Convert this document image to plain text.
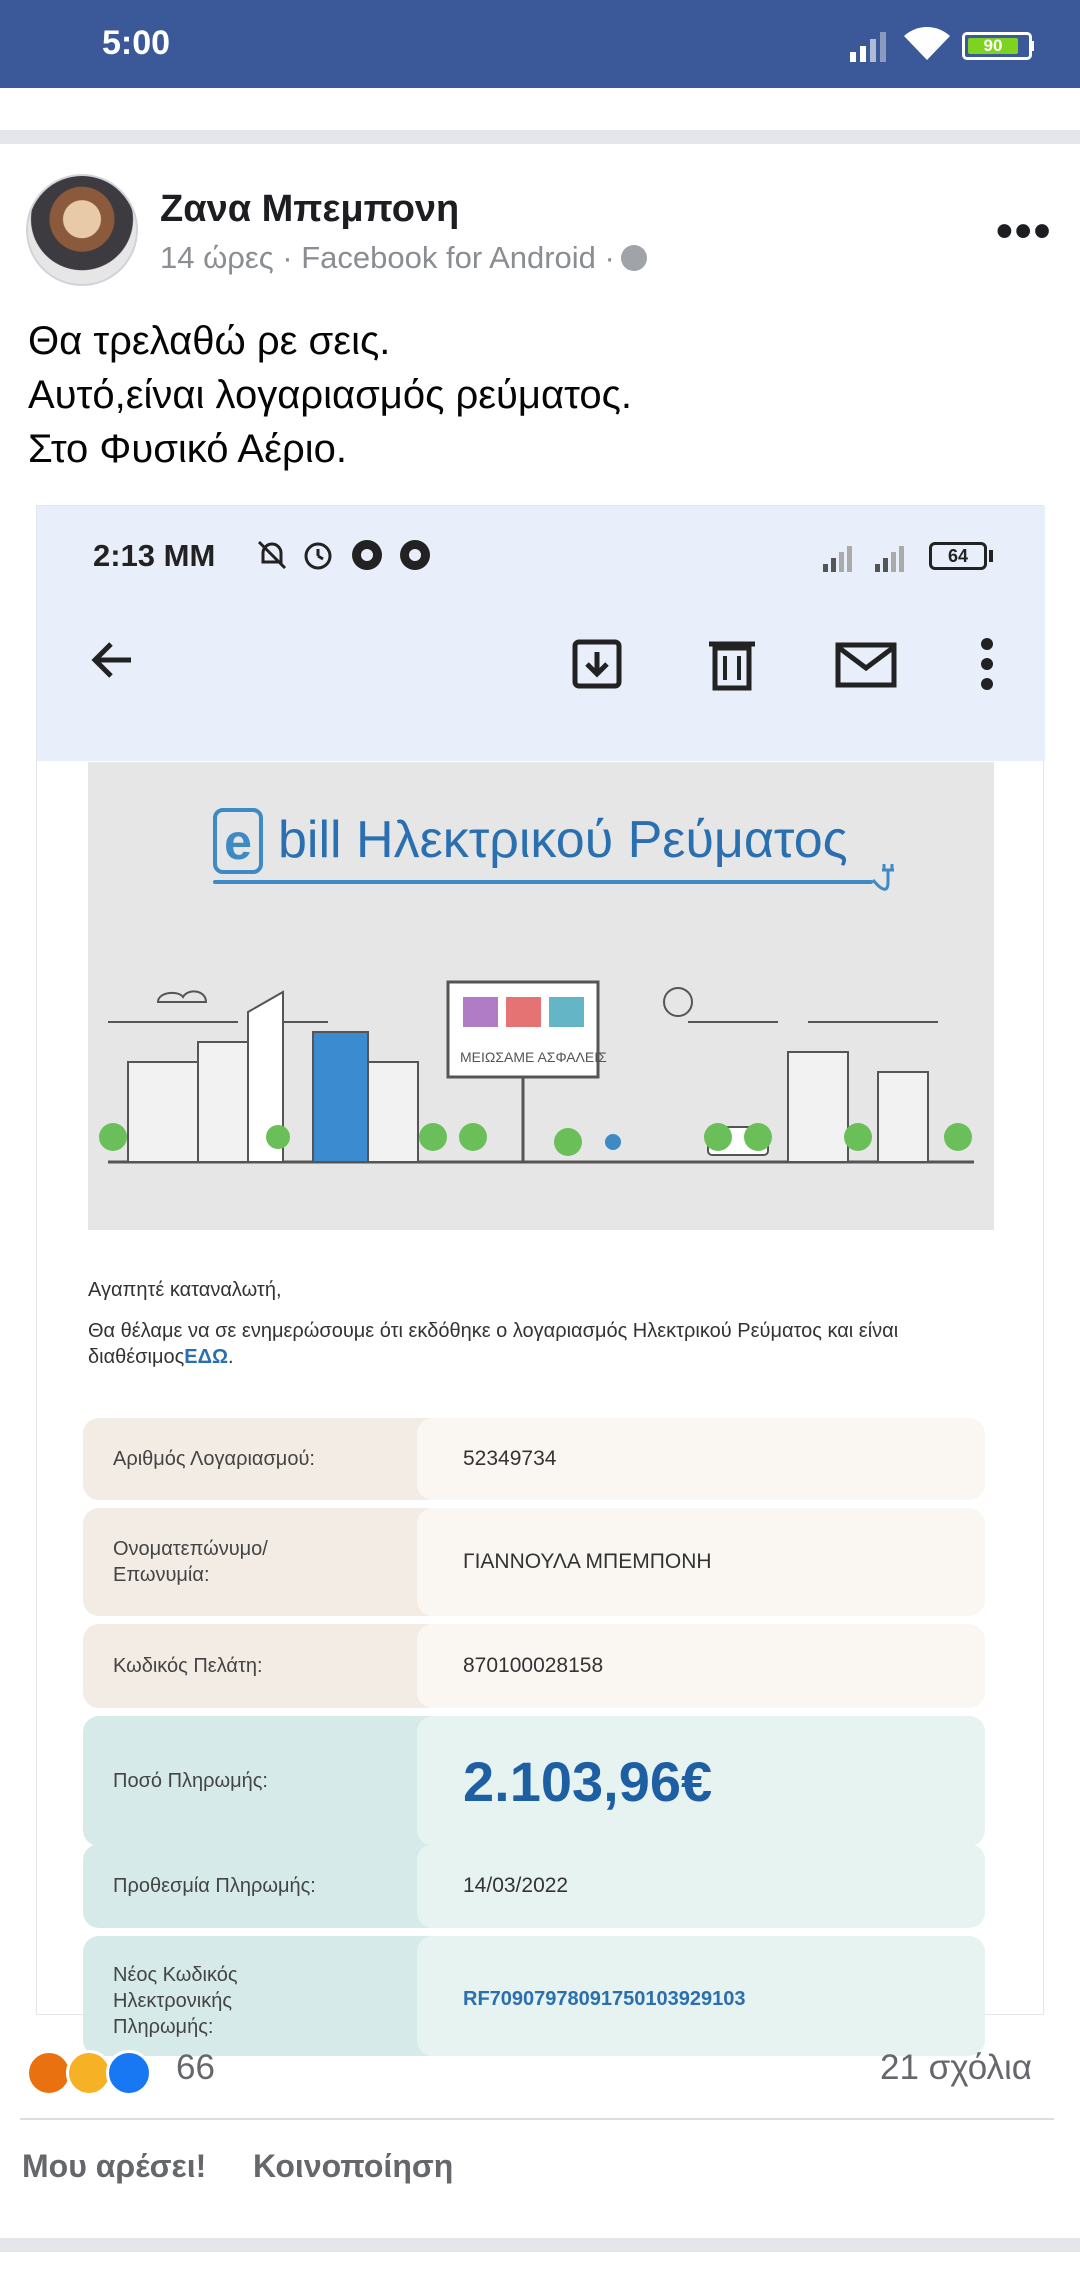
5:00	90
Ζανα Μπεμπονη
14 ώρες · Facebook for Android ·	•••
Θα τρελαθώ ρε σεις.
Αυτό,είναι λογαριασμός ρεύματος.
Στο Φυσικό Αέριο.
2:13 ΜΜ	64
e bill Ηλεκτρικού Ρεύματος
ΜΕΙΩΣΑΜΕ ΑΣΦΑΛΕΙΣ
Αγαπητέ καταναλωτή,
Θα θέλαμε να σε ενημερώσουμε ότι εκδόθηκε ο λογαριασμός Ηλεκτρικού Ρεύματος και είναι διαθέσιμοςΕΔΩ.
Αριθμός Λογαριασμού:	52349734
Ονοματεπώνυμο/
Επωνυμία:
ΓΙΑΝΝΟΥΛΑ ΜΠΕΜΠΟΝΗ
Κωδικός Πελάτη:	870100028158
Ποσό Πληρωμής:	2.103,96€
Προθεσμία Πληρωμής:	14/03/2022
Νέος Κωδικός
Ηλεκτρονικής
Πληρωμής:
RF70907978091750103929103
66	21 σχόλια
Μου αρέσει! Κοινοποίηση
